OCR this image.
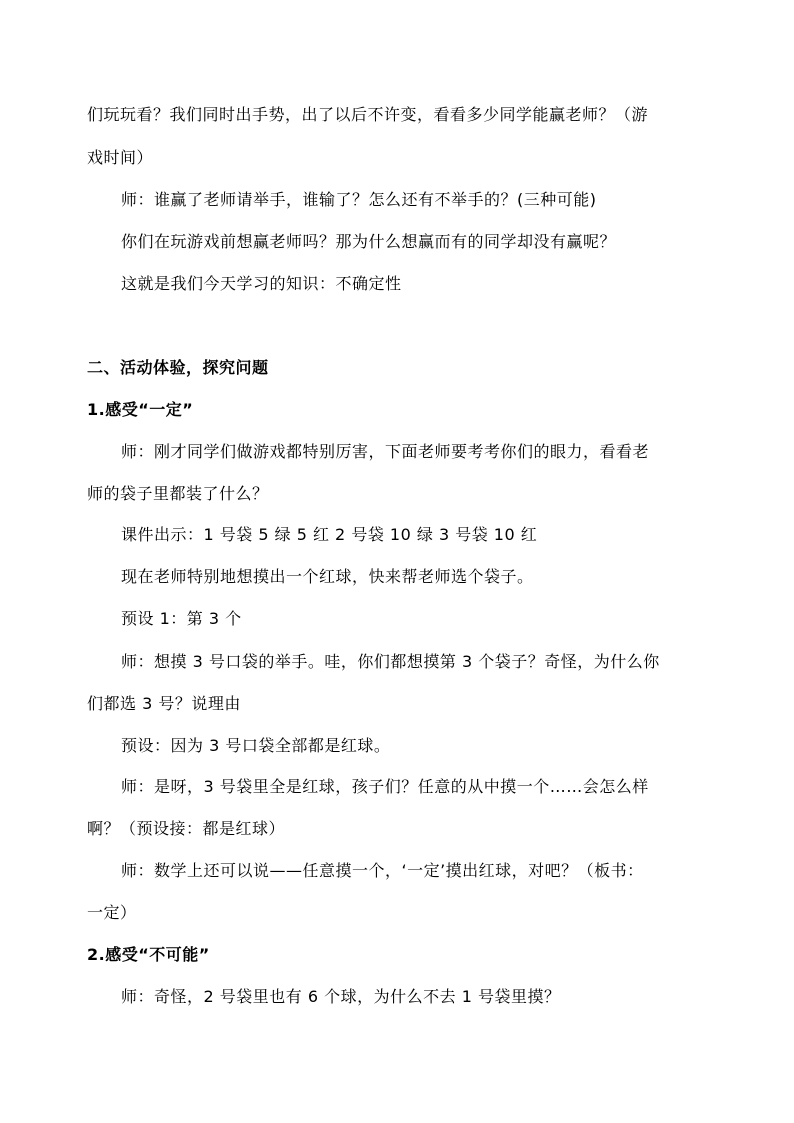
们玩玩看？我们同时出手势，出了以后不许变，看看多少同学能赢老师？（游
戏时间）
师：谁赢了老师请举手，谁输了？怎么还有不举手的？(三种可能)
你们在玩游戏前想赢老师吗？那为什么想赢而有的同学却没有赢呢？
这就是我们今天学习的知识：不确定性
二、活动体验，探究问题
1.感受“一定”
师：刚才同学们做游戏都特别厉害，下面老师要考考你们的眼力，看看老
师的袋子里都装了什么？
课件出示：1 号袋 5 绿 5 红 2 号袋 10 绿 3 号袋 10 红
现在老师特别地想摸出一个红球，快来帮老师选个袋子。
预设 1：第 3 个
师：想摸 3 号口袋的举手。哇，你们都想摸第 3 个袋子？奇怪，为什么你
们都选 3 号？说理由
预设：因为 3 号口袋全部都是红球。
师：是呀，3 号袋里全是红球，孩子们？任意的从中摸一个……会怎么样
啊？（预设接：都是红球）
师：数学上还可以说——任意摸一个，‘一定’摸出红球，对吧？（板书：
一定）
2.感受“不可能”
师：奇怪，2 号袋里也有 6 个球，为什么不去 1 号袋里摸？
